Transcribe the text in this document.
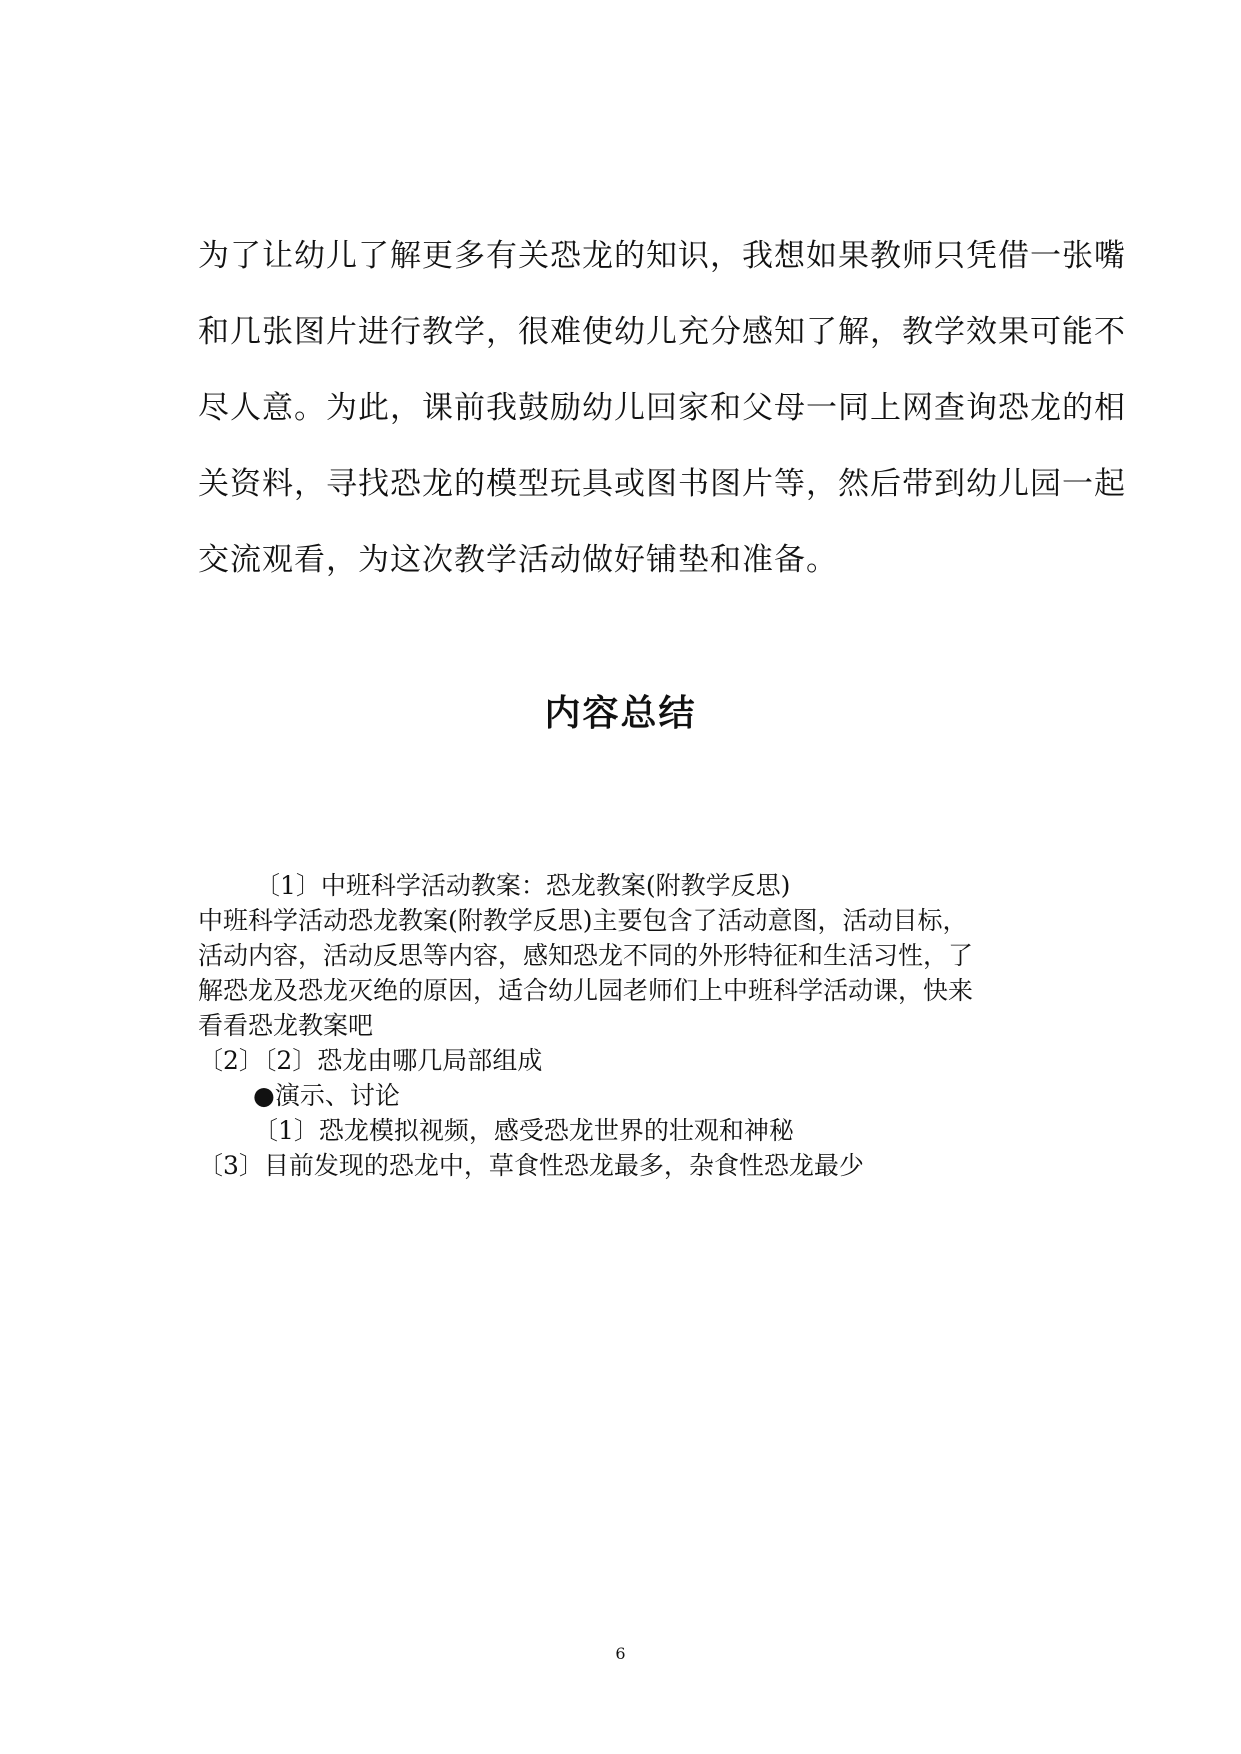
为了让幼儿了解更多有关恐龙的知识，我想如果教师只凭借一张嘴
和几张图片进行教学，很难使幼儿充分感知了解，教学效果可能不
尽人意。为此，课前我鼓励幼儿回家和父母一同上网查询恐龙的相
关资料，寻找恐龙的模型玩具或图书图片等，然后带到幼儿园一起
交流观看，为这次教学活动做好铺垫和准备。
内容总结
〔1〕中班科学活动教案：恐龙教案(附教学反思)
中班科学活动恐龙教案(附教学反思)主要包含了活动意图，活动目标，
活动内容，活动反思等内容，感知恐龙不同的外形特征和生活习性，了
解恐龙及恐龙灭绝的原因，适合幼儿园老师们上中班科学活动课，快来
看看恐龙教案吧
〔2〕〔2〕恐龙由哪几局部组成
●演示、讨论
〔1〕恐龙模拟视频，感受恐龙世界的壮观和神秘
〔3〕目前发现的恐龙中，草食性恐龙最多，杂食性恐龙最少
6
